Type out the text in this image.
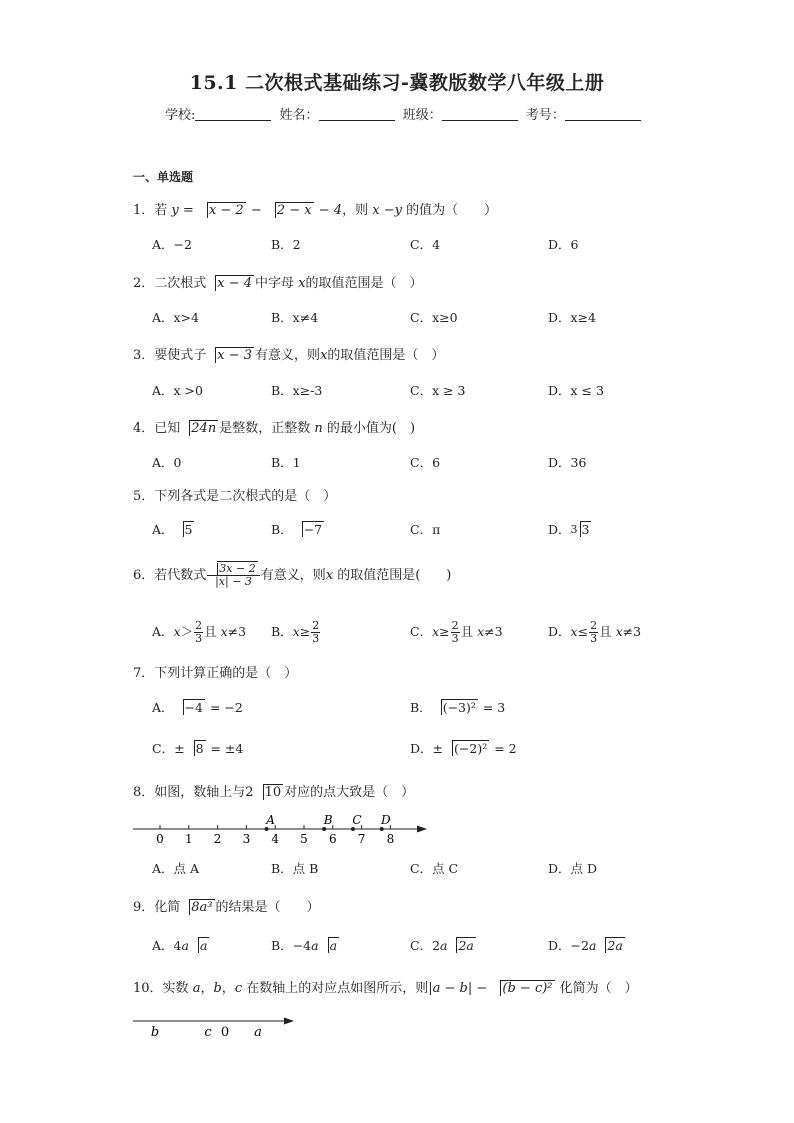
15.1 二次根式基础练习-冀教版数学八年级上册
学校:	姓名：	班级：	考号：
一、单选题
1．若 y = x − 2 − 2 − x − 4，则 x −y 的值为（　　）
A．−2	B．2	C．4	D．6
2．二次根式 x − 4 中字母 x的取值范围是（　）
A．x>4	B．x≠4	C．x≥0	D．x≥4
3．要使式子 x − 3 有意义，则x的取值范围是（　）
A．x >0	B．x≥-3	C．x ≥ 3	D．x ≤ 3
4．已知 24n 是整数，正整数 n 的最小值为(　)
A．0	B．1	C．6	D．36
5．下列各式是二次根式的是（　）
A． 5	B． −7	C．π	D． 3 3
6．若代数式 $\frac{3x - 2}{|x| - 3}$ 有意义，则x 的取值范围是(　　)
A．$x> \frac{2}{3}$ 且 x≠3 B．$x\ge \frac{2}{3}$	C．$x\ge \frac{2}{3}$ 且 x≠3	D．$x\le \frac{2}{3}$ 且 x≠3
7．下列计算正确的是（　）
A． −4 = −2	B． (−3)² = 3
C．± 8 = ±4	D．± (−2)² = 2
8．如图，数轴上与2 10 对应的点大致是（　）
0 1 2 3 4 5 6 7 8
A	B C D
A．点 A	B．点 B	C．点 C	D．点 D
9．化简 8a³ 的结果是（　　）
A．4a a	B．−4a a	C．2a 2a	D．−2a 2a
10．实数 a，b，c 在数轴上的对应点如图所示，则|a − b| − (b − c)² 化简为（　）
b	c 0 a
